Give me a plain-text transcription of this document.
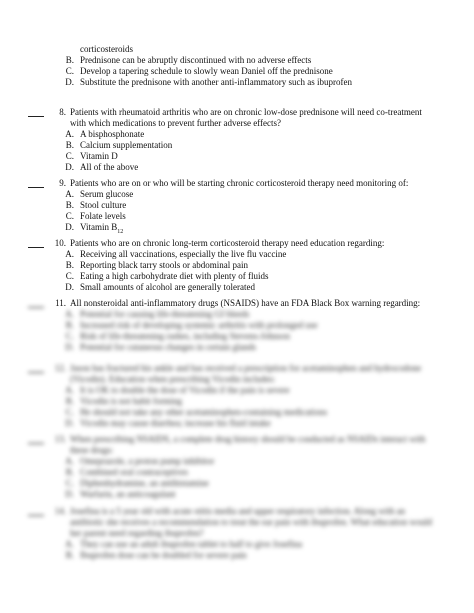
corticosteroids
B. Prednisone can be abruptly discontinued with no adverse effects
C. Develop a tapering schedule to slowly wean Daniel off the prednisone
D. Substitute the prednisone with another anti-inflammatory such as ibuprofen
8. Patients with rheumatoid arthritis who are on chronic low-dose prednisone will need co-treatment
with which medications to prevent further adverse effects?
A. A bisphosphonate
B. Calcium supplementation
C. Vitamin D
D. All of the above
9. Patients who are on or who will be starting chronic corticosteroid therapy need monitoring of:
A. Serum glucose
B. Stool culture
C. Folate levels
D. Vitamin $B_{12}$
10. Patients who are on chronic long-term corticosteroid therapy need education regarding:
A. Receiving all vaccinations, especially the live flu vaccine
B. Reporting black tarry stools or abdominal pain
C. Eating a high carbohydrate diet with plenty of fluids
D. Small amounts of alcohol are generally tolerated
11. All nonsteroidal anti-inflammatory drugs (NSAIDS) have an FDA Black Box warning regarding:
A. Potential for causing life-threatening GI bleeds
B. Increased risk of developing systemic arthritis with prolonged use
C. Risk of life-threatening rashes, including Stevens-Johnson
D. Potential for cutaneous changes in certain glands
12. Jason has fractured his ankle and has received a prescription for acetaminophen and hydrocodone
(Vicodin). Education when prescribing Vicodin includes:
A. It is OK to double the dose of Vicodin if the pain is severe
B. Vicodin is not habit forming
C. He should not take any other acetaminophen-containing medications
D. Vicodin may cause diarrhea; increase his fluid intake
13. When prescribing NSAIDS, a complete drug history should be conducted as NSAIDs interact with
these drugs:
A. Omeprazole, a proton pump inhibitor
B. Combined oral contraceptives
C. Diphenhydramine, an antihistamine
D. Warfarin, an anticoagulant
14. Josefina is a 5 year old with acute otitis media and upper respiratory infection. Along with an
antibiotic she receives a recommendation to treat the ear pain with ibuprofen. What education would
her parent need regarding ibuprofen?
A. They can use an adult ibuprofen tablet to half to give Josefina
B. Ibuprofen dose can be doubled for severe pain
